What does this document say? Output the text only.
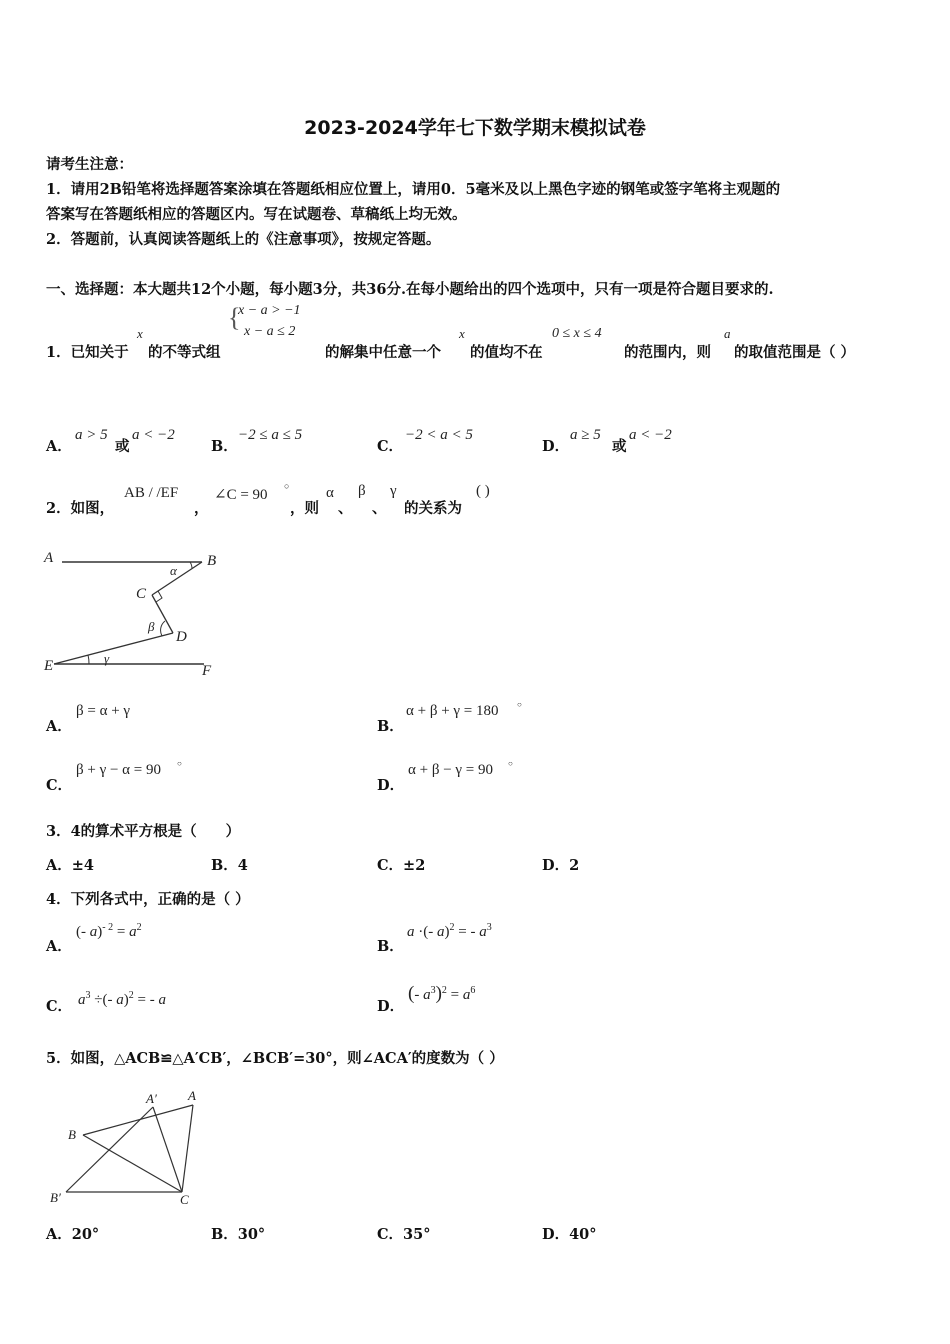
2023-2024学年七下数学期末模拟试卷
请考生注意：
1．请用2B铅笔将选择题答案涂填在答题纸相应位置上，请用0．5毫米及以上黑色字迹的钢笔或签字笔将主观题的
答案写在答题纸相应的答题区内。写在试题卷、草稿纸上均无效。
2．答题前，认真阅读答题纸上的《注意事项》，按规定答题。
一、选择题：本大题共12个小题，每小题3分，共36分.在每小题给出的四个选项中，只有一项是符合题目要求的.
1．已知关于
x
的不等式组
{
x − a > −1
x − a ≤ 2
的解集中任意一个
x
的值均不在
0 ≤ x ≤ 4
的范围内，则
a
的取值范围是（ ）
A．
a > 5
或
a < −2
B．
−2 ≤ a ≤ 5
C．
−2 < a < 5
D．
a ≥ 5
或
a < −2
2．如图，
AB / /EF
，
∠C = 90
○
，则
α
、
β
、
γ
的关系为
( )
A	B
C
D
E	F
α
β
γ
A．
β = α + γ
B．
α + β + γ = 180 ○
C．
β + γ − α = 90 ○
D．
α + β − γ = 90 ○
3．4的算术平方根是（　　）
A．±4	B．4	C．±2	D．2
4．下列各式中，正确的是（ ）
A．
(- $a)^{- 2} = a^2$
B．
a ·(- a)$^2$ = - $a^3$
C． $a^3$ ÷(- a)$^2$ = - a	D．
(- $a^3)^2 = a^6$
5．如图，△ACB≌△A′CB′，∠BCB′=30°，则∠ACA′的度数为（ ）
A
A′
B
B′	C
A．20°	B．30°	C．35°	D．40°
